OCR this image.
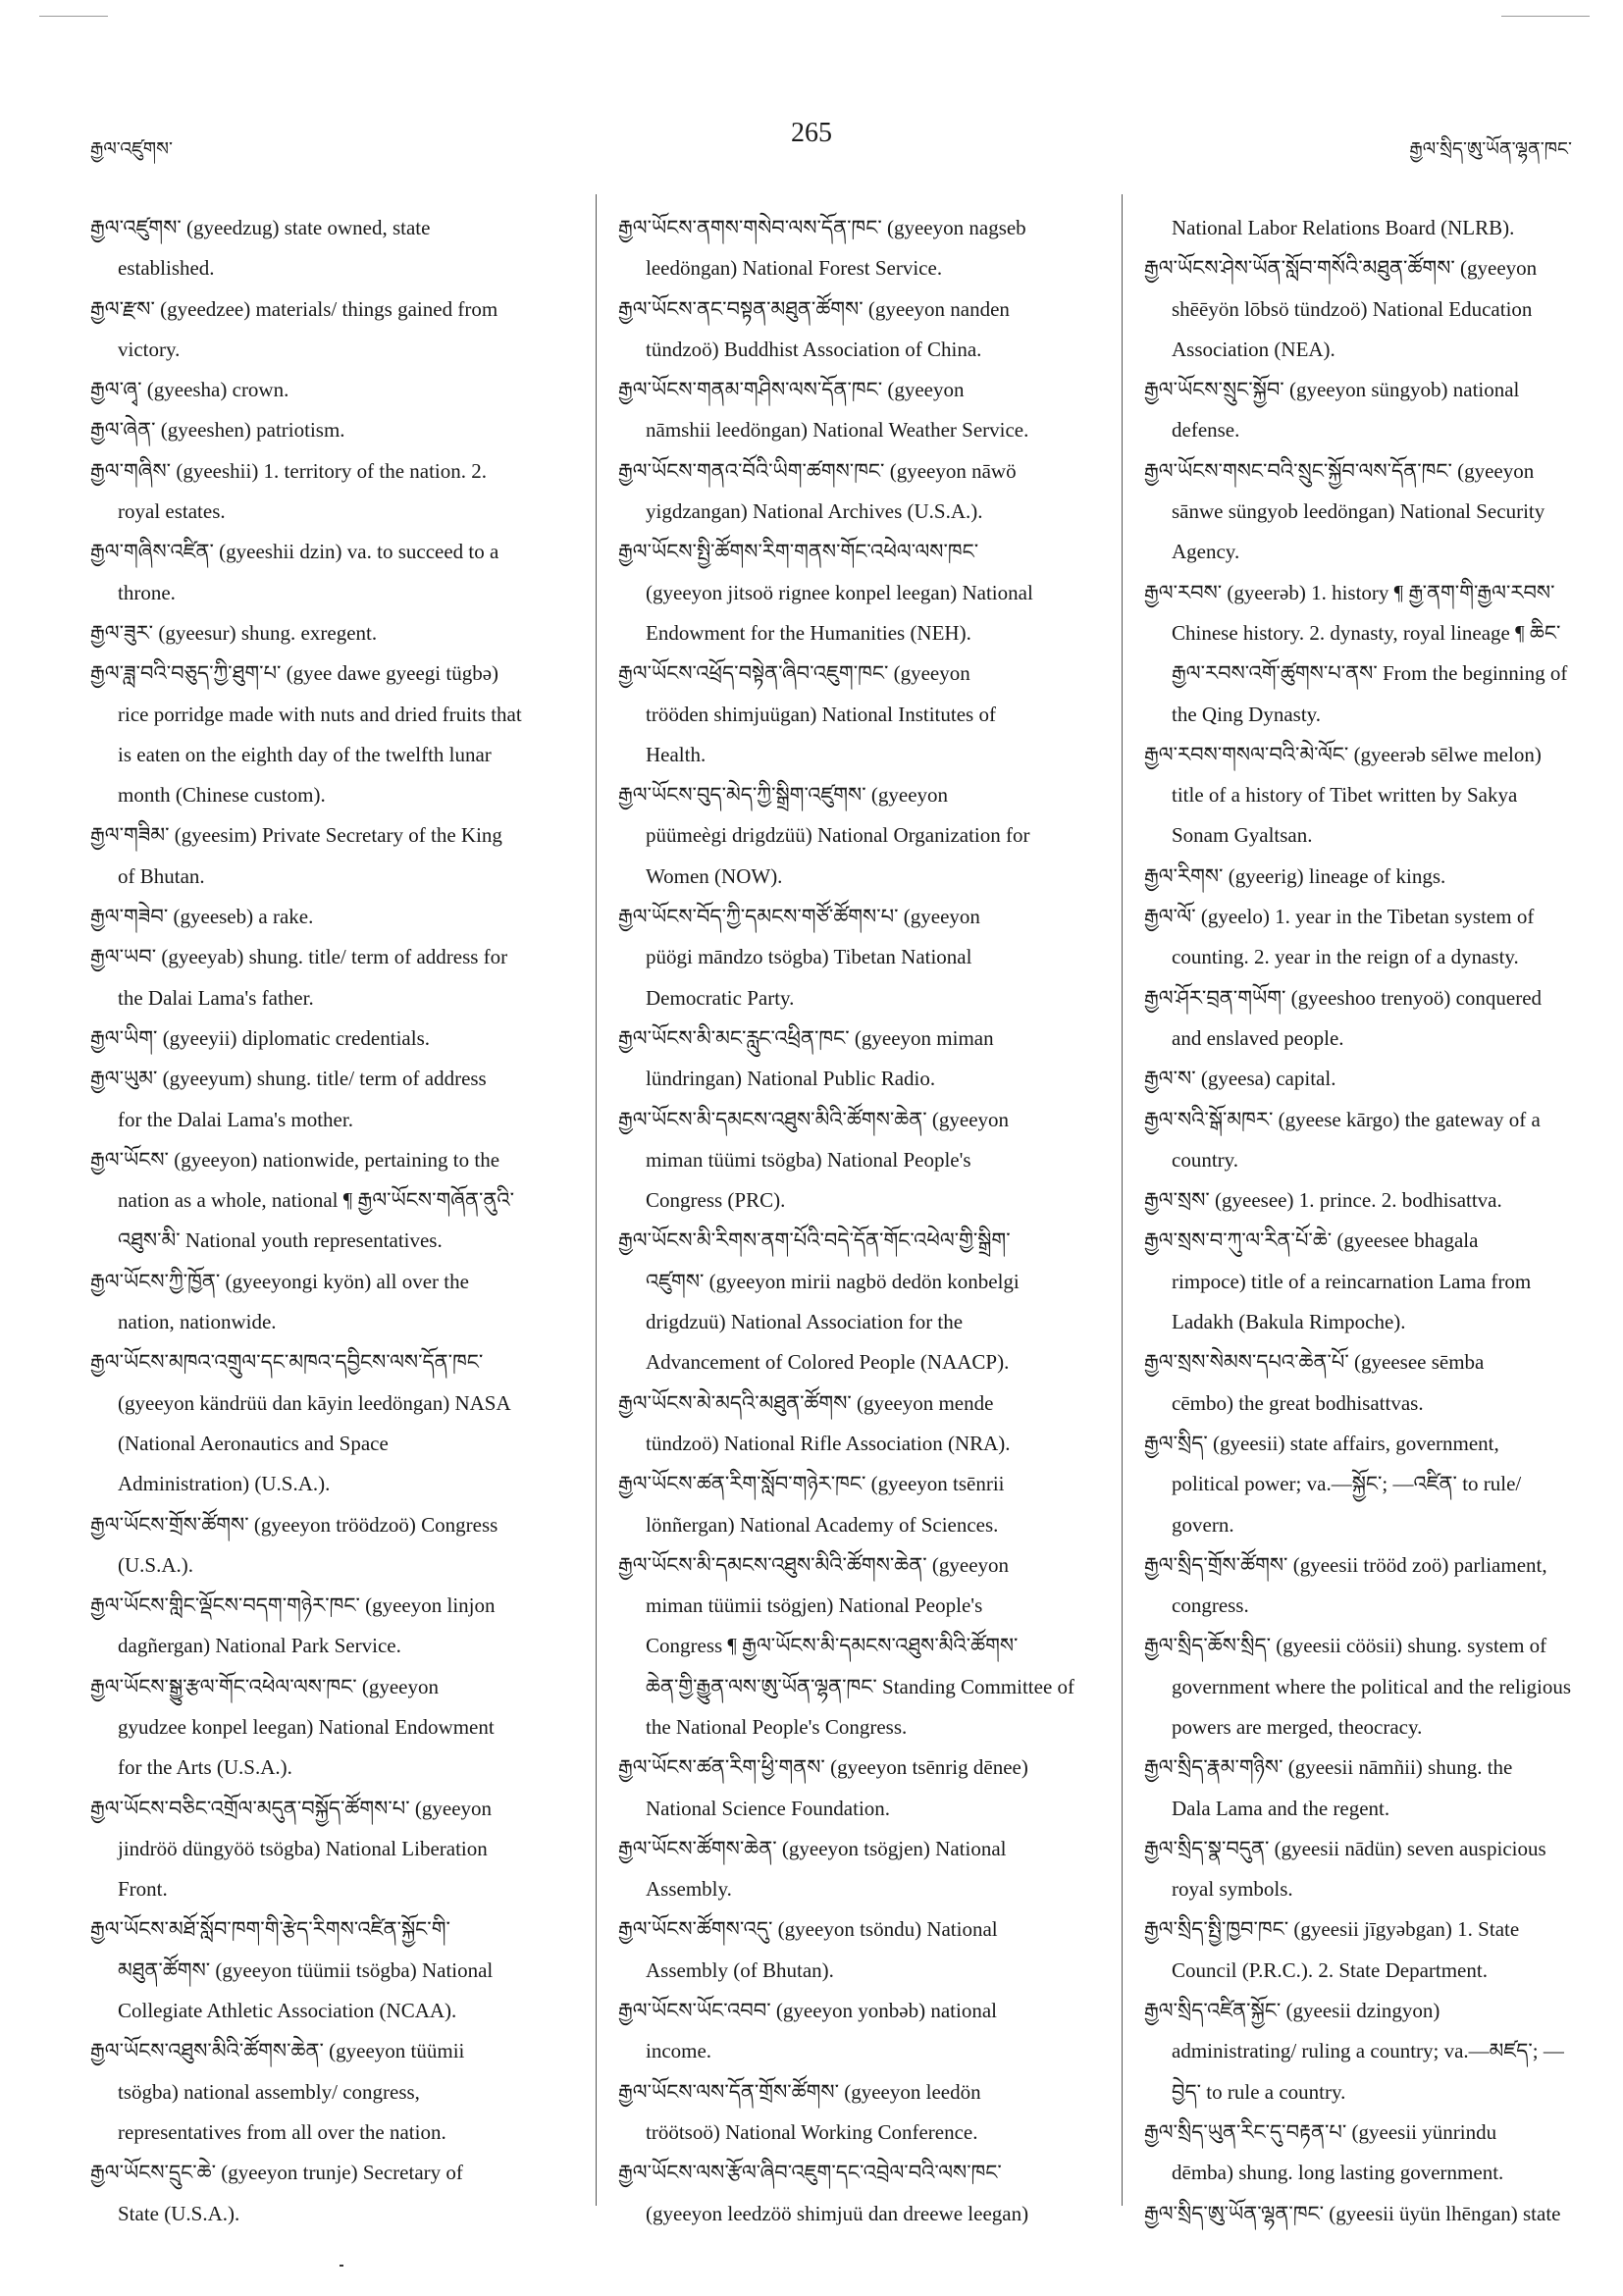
རྒྱལ་འཛུགས་
265
རྒྱལ་སྲིད་ཨུ་ཡོན་ལྷན་ཁང་
རྒྱལ་འཛུགས་ (gyeedzug) state owned, state
established.
རྒྱལ་རྫས་ (gyeedzee) materials/ things gained from
victory.
རྒྱལ་ཞྭ་ (gyeesha) crown.
རྒྱལ་ཞེན་ (gyeeshen) patriotism.
རྒྱལ་གཞིས་ (gyeeshii) 1. territory of the nation. 2.
royal estates.
རྒྱལ་གཞིས་འཛིན་ (gyeeshii dzin) va. to succeed to a
throne.
རྒྱལ་ཟུར་ (gyeesur) shung. exregent.
རྒྱལ་ཟླ་བའི་བཅུད་ཀྱི་ཐུག་པ་ (gyee dawe gyeegi tügbə)
rice porridge made with nuts and dried fruits that
is eaten on the eighth day of the twelfth lunar
month (Chinese custom).
རྒྱལ་གཟིམ་ (gyeesim) Private Secretary of the King
of Bhutan.
རྒྱལ་གཟེབ་ (gyeeseb) a rake.
རྒྱལ་ཡབ་ (gyeeyab) shung. title/ term of address for
the Dalai Lama's father.
རྒྱལ་ཡིག་ (gyeeyii) diplomatic credentials.
རྒྱལ་ཡུམ་ (gyeeyum) shung. title/ term of address
for the Dalai Lama's mother.
རྒྱལ་ཡོངས་ (gyeeyon) nationwide, pertaining to the
nation as a whole, national ¶ རྒྱལ་ཡོངས་གཞོན་ནུའི་
འཐུས་མི་ National youth representatives.
རྒྱལ་ཡོངས་ཀྱི་ཁྱོན་ (gyeeyongi kyön) all over the
nation, nationwide.
རྒྱལ་ཡོངས་མཁའ་འགྲུལ་དང་མཁའ་དབྱིངས་ལས་དོན་ཁང་
(gyeeyon kändrüü dan kāyin leedöngan) NASA
(National Aeronautics and Space
Administration) (U.S.A.).
རྒྱལ་ཡོངས་གྲོས་ཚོགས་ (gyeeyon tröödzoö) Congress
(U.S.A.).
རྒྱལ་ཡོངས་གླིང་ལྡོངས་བདག་གཉེར་ཁང་ (gyeeyon linjon
dagñergan) National Park Service.
རྒྱལ་ཡོངས་སྒྱུ་རྩལ་གོང་འཕེལ་ལས་ཁང་ (gyeeyon
gyudzee konpel leegan) National Endowment
for the Arts (U.S.A.).
རྒྱལ་ཡོངས་བཅིང་འགྲོལ་མདུན་བསྐྱོད་ཚོགས་པ་ (gyeeyon
jindröö düngyöö tsögba) National Liberation
Front.
རྒྱལ་ཡོངས་མཐོ་སློབ་ཁག་གི་རྩེད་རིགས་འཛིན་སྐྱོང་གི་
མཐུན་ཚོགས་ (gyeeyon tüümii tsögba) National
Collegiate Athletic Association (NCAA).
རྒྱལ་ཡོངས་འཐུས་མིའི་ཚོགས་ཆེན་ (gyeeyon tüümii
tsögba) national assembly/ congress,
representatives from all over the nation.
རྒྱལ་ཡོངས་དྲུང་ཆེ་ (gyeeyon trunje) Secretary of
State (U.S.A.).
རྒྱལ་ཡོངས་ནགས་གསེབ་ལས་དོན་ཁང་ (gyeeyon nagseb
leedöngan) National Forest Service.
རྒྱལ་ཡོངས་ནང་བསྟན་མཐུན་ཚོགས་ (gyeeyon nanden
tündzoö) Buddhist Association of China.
རྒྱལ་ཡོངས་གནམ་གཤིས་ལས་དོན་ཁང་ (gyeeyon
nāmshii leedöngan) National Weather Service.
རྒྱལ་ཡོངས་གནའ་བོའི་ཡིག་ཚགས་ཁང་ (gyeeyon nāwö
yigdzangan) National Archives (U.S.A.).
རྒྱལ་ཡོངས་སྤྱི་ཚོགས་རིག་གནས་གོང་འཕེལ་ལས་ཁང་
(gyeeyon jitsoö rignee konpel leegan) National
Endowment for the Humanities (NEH).
རྒྱལ་ཡོངས་འཕྲོད་བསྟེན་ཞིབ་འཇུག་ཁང་ (gyeeyon
trööden shimjuügan) National Institutes of
Health.
རྒྱལ་ཡོངས་བུད་མེད་ཀྱི་སྒྲིག་འཛུགས་ (gyeeyon
püümeègi drigdzüü) National Organization for
Women (NOW).
རྒྱལ་ཡོངས་བོད་ཀྱི་དམངས་གཙོ་ཚོགས་པ་ (gyeeyon
püögi māndzo tsögba) Tibetan National
Democratic Party.
རྒྱལ་ཡོངས་མི་མང་རླུང་འཕྲིན་ཁང་ (gyeeyon miman
lündringan) National Public Radio.
རྒྱལ་ཡོངས་མི་དམངས་འཐུས་མིའི་ཚོགས་ཆེན་ (gyeeyon
miman tüümi tsögba) National People's
Congress (PRC).
རྒྱལ་ཡོངས་མི་རིགས་ནག་པོའི་བདེ་དོན་གོང་འཕེལ་གྱི་སྒྲིག་
འཛུགས་ (gyeeyon mirii nagbö dedön konbelgi
drigdzuü) National Association for the
Advancement of Colored People (NAACP).
རྒྱལ་ཡོངས་མེ་མདའི་མཐུན་ཚོགས་ (gyeeyon mende
tündzoö) National Rifle Association (NRA).
རྒྱལ་ཡོངས་ཚན་རིག་སློབ་གཉེར་ཁང་ (gyeeyon tsēnrii
lönñergan) National Academy of Sciences.
རྒྱལ་ཡོངས་མི་དམངས་འཐུས་མིའི་ཚོགས་ཆེན་ (gyeeyon
miman tüümii tsögjen) National People's
Congress ¶ རྒྱལ་ཡོངས་མི་དམངས་འཐུས་མིའི་ཚོགས་
ཆེན་གྱི་རྒྱུན་ལས་ཨུ་ཡོན་ལྷན་ཁང་ Standing Committee of
the National People's Congress.
རྒྱལ་ཡོངས་ཚན་རིག་ཕྱི་གནས་ (gyeeyon tsēnrig dēnee)
National Science Foundation.
རྒྱལ་ཡོངས་ཚོགས་ཆེན་ (gyeeyon tsögjen) National
Assembly.
རྒྱལ་ཡོངས་ཚོགས་འདུ་ (gyeeyon tsöndu) National
Assembly (of Bhutan).
རྒྱལ་ཡོངས་ཡོང་འབབ་ (gyeeyon yonbəb) national
income.
རྒྱལ་ཡོངས་ལས་དོན་གྲོས་ཚོགས་ (gyeeyon leedön
tröötsoö) National Working Conference.
རྒྱལ་ཡོངས་ལས་རྩོལ་ཞིབ་འཇུག་དང་འབྲེལ་བའི་ལས་ཁང་
(gyeeyon leedzöö shimjuü dan dreewe leegan)
National Labor Relations Board (NLRB).
རྒྱལ་ཡོངས་ཤེས་ཡོན་སློབ་གསོའི་མཐུན་ཚོགས་ (gyeeyon
shēēyön lōbsö tündzoö) National Education
Association (NEA).
རྒྱལ་ཡོངས་སྲུང་སྐྱོབ་ (gyeeyon süngyob) national
defense.
རྒྱལ་ཡོངས་གསང་བའི་སྲུང་སྐྱོབ་ལས་དོན་ཁང་ (gyeeyon
sānwe süngyob leedöngan) National Security
Agency.
རྒྱལ་རབས་ (gyeerəb) 1. history ¶ རྒྱ་ནག་གི་རྒྱལ་རབས་
Chinese history. 2. dynasty, royal lineage ¶ ཆིང་
རྒྱལ་རབས་འགོ་ཚུགས་པ་ནས་ From the beginning of
the Qing Dynasty.
རྒྱལ་རབས་གསལ་བའི་མེ་ལོང་ (gyeerəb sēlwe melon)
title of a history of Tibet written by Sakya
Sonam Gyaltsan.
རྒྱལ་རིགས་ (gyeerig) lineage of kings.
རྒྱལ་ལོ་ (gyeelo) 1. year in the Tibetan system of
counting. 2. year in the reign of a dynasty.
རྒྱལ་ཤོར་བྲན་གཡོག་ (gyeeshoo trenyoö) conquered
and enslaved people.
རྒྱལ་ས་ (gyeesa) capital.
རྒྱལ་སའི་སྒོ་མཁར་ (gyeese kārgo) the gateway of a
country.
རྒྱལ་སྲས་ (gyeesee) 1. prince. 2. bodhisattva.
རྒྱལ་སྲས་བ་ཀུ་ལ་རིན་པོ་ཆེ་ (gyeesee bhagala
rimpoce) title of a reincarnation Lama from
Ladakh (Bakula Rimpoche).
རྒྱལ་སྲས་སེམས་དཔའ་ཆེན་པོ་ (gyeesee sēmba
cēmbo) the great bodhisattvas.
རྒྱལ་སྲིད་ (gyeesii) state affairs, government,
political power; va.—སྐྱོང་; —འཛིན་ to rule/
govern.
རྒྱལ་སྲིད་གྲོས་ཚོགས་ (gyeesii trööd zoö) parliament,
congress.
རྒྱལ་སྲིད་ཆོས་སྲིད་ (gyeesii cöösii) shung. system of
government where the political and the religious
powers are merged, theocracy.
རྒྱལ་སྲིད་རྣམ་གཉིས་ (gyeesii nāmñii) shung. the
Dala Lama and the regent.
རྒྱལ་སྲིད་སྣ་བདུན་ (gyeesii nādün) seven auspicious
royal symbols.
རྒྱལ་སྲིད་སྤྱི་ཁྱབ་ཁང་ (gyeesii jīgyəbgan) 1. State
Council (P.R.C.). 2. State Department.
རྒྱལ་སྲིད་འཛིན་སྐྱོང་ (gyeesii dzingyon)
administrating/ ruling a country; va.—མཛད་; —
བྱེད་ to rule a country.
རྒྱལ་སྲིད་ཡུན་རིང་དུ་བརྟན་པ་ (gyeesii yünrindu
dēmba) shung. long lasting government.
རྒྱལ་སྲིད་ཨུ་ཡོན་ལྷན་ཁང་ (gyeesii üyün lhēngan) state
